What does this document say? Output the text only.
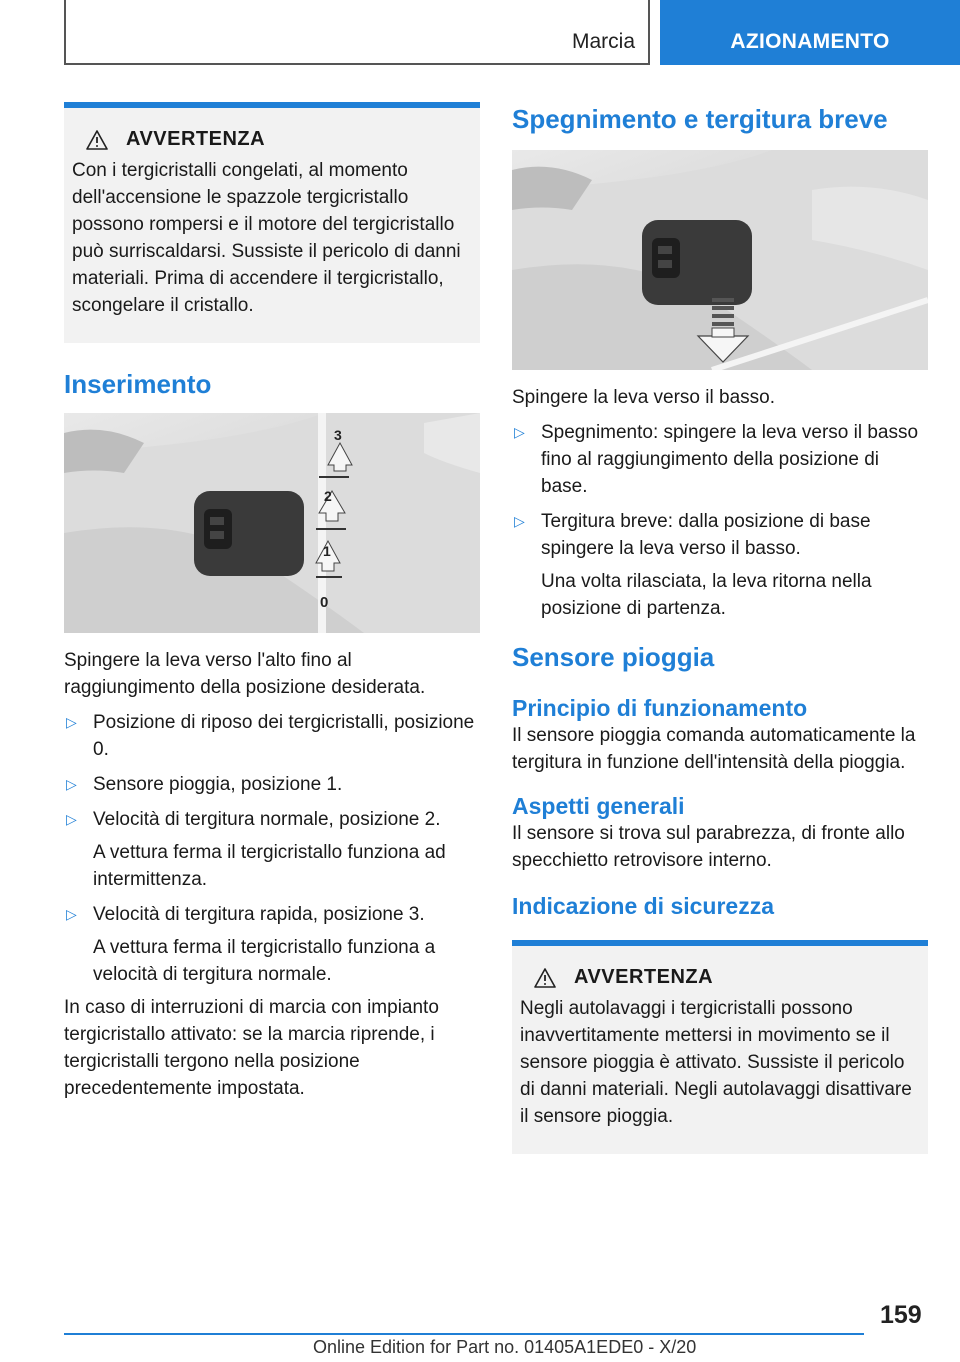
Marcia	AZIONAMENTO
AVVERTENZA
Con i tergicristalli congelati, al momento dell'accensione le spazzole tergicristallo possono rompersi e il motore del tergicristallo può surriscaldarsi. Sussiste il pericolo di danni materiali. Prima di accendere il tergicristallo, scongelare il cristallo.
Inserimento
3
2
1
0

Spingere la leva verso l'alto fino al raggiungimento della posizione desiderata.

▷ Posizione di riposo dei tergicristalli, posizione 0.
▷ Sensore pioggia, posizione 1.
▷ Velocità di tergitura normale, posizione 2.
A vettura ferma il tergicristallo funziona ad intermittenza.
▷ Velocità di tergitura rapida, posizione 3.
A vettura ferma il tergicristallo funziona a velocità di tergitura normale.

In caso di interruzioni di marcia con impianto tergicristallo attivato: se la marcia riprende, i tergicristalli tergono nella posizione precedentemente impostata.

Spegnimento e tergitura breve

Spingere la leva verso il basso.

▷ Spegnimento: spingere la leva verso il basso fino al raggiungimento della posizione di base.
▷ Tergitura breve: dalla posizione di base spingere la leva verso il basso.
Una volta rilasciata, la leva ritorna nella posizione di partenza.
Sensore pioggia
Principio di funzionamento

Il sensore pioggia comanda automaticamente la tergitura in funzione dell'intensità della pioggia.

Aspetti generali

Il sensore si trova sul parabrezza, di fronte allo specchietto retrovisore interno.

Indicazione di sicurezza
AVVERTENZA
Negli autolavaggi i tergicristalli possono inavvertitamente mettersi in movimento se il sensore pioggia è attivato. Sussiste il pericolo di danni materiali. Negli autolavaggi disattivare il sensore pioggia.
159
Online Edition for Part no. 01405A1EDE0 - X/20
